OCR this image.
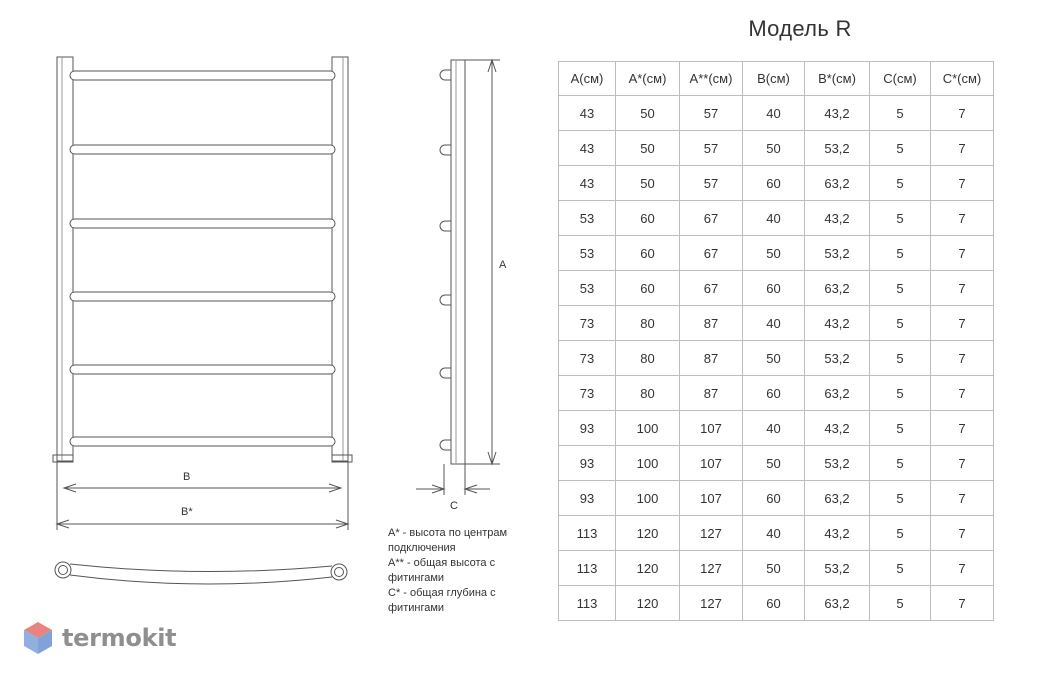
B
B*
A
C
Модель R
A(см)	A*(см)	A**(см)	B(см)	B*(см)	C(см)	C*(см)
43	50	57	40	43,2	5	7
43	50	57	50	53,2	5	7
43	50	57	60	63,2	5	7
53	60	67	40	43,2	5	7
53	60	67	50	53,2	5	7
53	60	67	60	63,2	5	7
73	80	87	40	43,2	5	7
73	80	87	50	53,2	5	7
73	80	87	60	63,2	5	7
93	100	107	40	43,2	5	7
93	100	107	50	53,2	5	7
93	100	107	60	63,2	5	7
113	120	127	40	43,2	5	7
113	120	127	50	53,2	5	7
113	120	127	60	63,2	5	7
A* - высота по центрам подключения
A** - общая высота с фитингами
C* - общая глубина с фитингами
termokit
